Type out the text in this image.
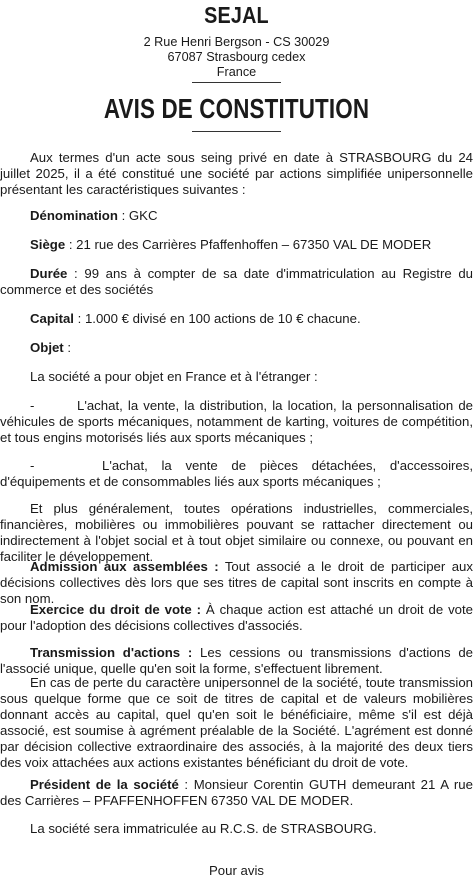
SEJAL
2 Rue Henri Bergson - CS 30029
67087 Strasbourg cedex
France
AVIS DE CONSTITUTION
Aux termes d'un acte sous seing privé en date à STRASBOURG du 24 juillet 2025, il a été constitué une société par actions simplifiée unipersonnelle présentant les caractéristiques suivantes :
Dénomination : GKC
Siège : 21 rue des Carrières Pfaffenhoffen – 67350 VAL DE MODER
Durée : 99 ans à compter de sa date d'immatriculation au Registre du commerce et des sociétés
Capital : 1.000 € divisé en 100 actions de 10 € chacune.
Objet :
La société a pour objet en France et à l'étranger :
-	L'achat, la vente, la distribution, la location, la personnalisation de véhicules de sports mécaniques, notamment de karting, voitures de compétition, et tous engins motorisés liés aux sports mécaniques ;
-	L'achat, la vente de pièces détachées, d'accessoires, d'équipements et de consommables liés aux sports mécaniques ;
Et plus généralement, toutes opérations industrielles, commerciales, financières, mobilières ou immobilières pouvant se rattacher directement ou indirectement à l'objet social et à tout objet similaire ou connexe, ou pouvant en faciliter le développement.
Admission aux assemblées : Tout associé a le droit de participer aux décisions collectives dès lors que ses titres de capital sont inscrits en compte à son nom.
Exercice du droit de vote : À chaque action est attaché un droit de vote pour l'adoption des décisions collectives d'associés.
Transmission d'actions : Les cessions ou transmissions d'actions de l'associé unique, quelle qu'en soit la forme, s'effectuent librement.
En cas de perte du caractère unipersonnel de la société, toute transmission sous quelque forme que ce soit de titres de capital et de valeurs mobilières donnant accès au capital, quel qu'en soit le bénéficiaire, même s'il est déjà associé, est soumise à agrément préalable de la Société. L'agrément est donné par décision collective extraordinaire des associés, à la majorité des deux tiers des voix attachées aux actions existantes bénéficiant du droit de vote.
Président de la société : Monsieur Corentin GUTH demeurant 21 A rue des Carrières – PFAFFENHOFFEN 67350 VAL DE MODER.
La société sera immatriculée au R.C.S. de STRASBOURG.
Pour avis
